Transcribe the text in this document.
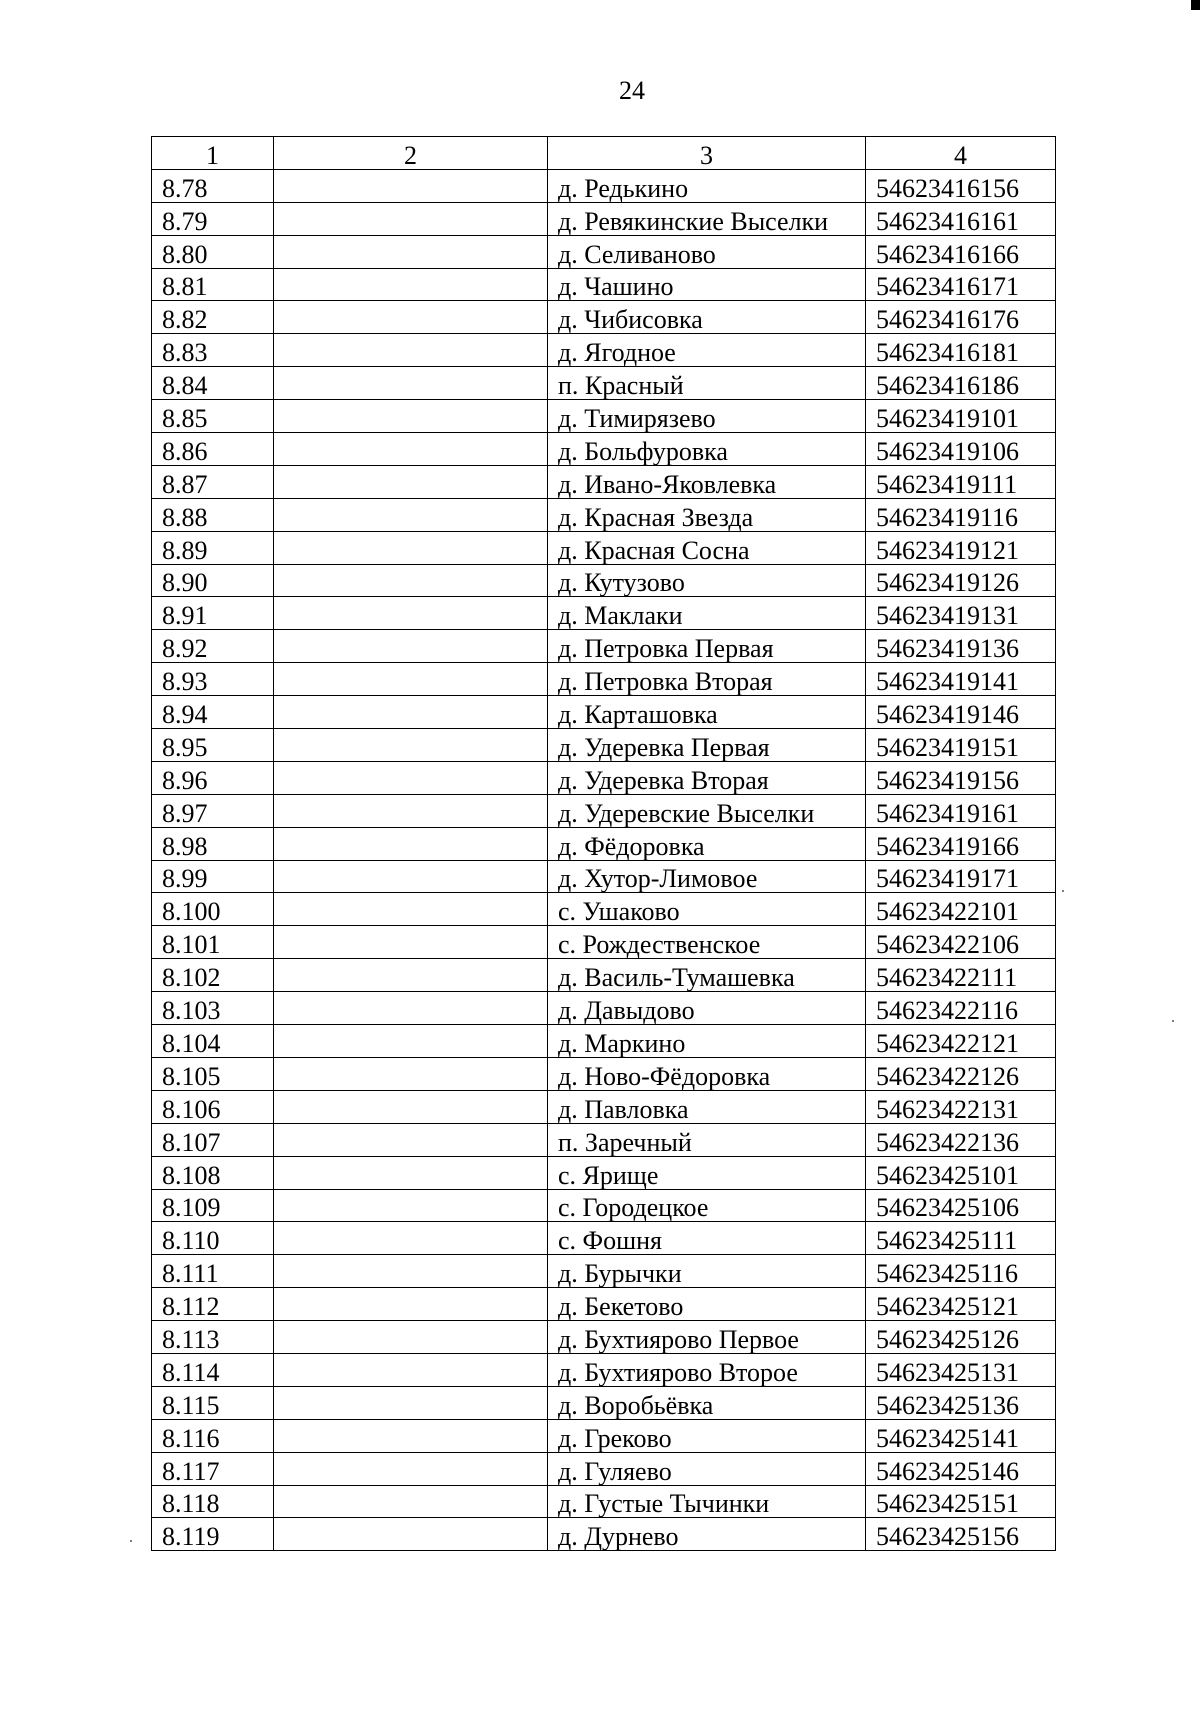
24
1	2	3	4
8.78		д. Редькино	54623416156
8.79		д. Ревякинские Выселки	54623416161
8.80		д. Селиваново	54623416166
8.81		д. Чашино	54623416171
8.82		д. Чибисовка	54623416176
8.83		д. Ягодное	54623416181
8.84		п. Красный	54623416186
8.85		д. Тимирязево	54623419101
8.86		д. Больфуровка	54623419106
8.87		д. Ивано-Яковлевка	54623419111
8.88		д. Красная Звезда	54623419116
8.89		д. Красная Сосна	54623419121
8.90		д. Кутузово	54623419126
8.91		д. Маклаки	54623419131
8.92		д. Петровка Первая	54623419136
8.93		д. Петровка Вторая	54623419141
8.94		д. Карташовка	54623419146
8.95		д. Удеревка Первая	54623419151
8.96		д. Удеревка Вторая	54623419156
8.97		д. Удеревские Выселки	54623419161
8.98		д. Фёдоровка	54623419166
8.99		д. Хутор-Лимовое	54623419171
8.100		с. Ушаково	54623422101
8.101		с. Рождественское	54623422106
8.102		д. Василь-Тумашевка	54623422111
8.103		д. Давыдово	54623422116
8.104		д. Маркино	54623422121
8.105		д. Ново-Фёдоровка	54623422126
8.106		д. Павловка	54623422131
8.107		п. Заречный	54623422136
8.108		с. Ярище	54623425101
8.109		с. Городецкое	54623425106
8.110		с. Фошня	54623425111
8.111		д. Бурычки	54623425116
8.112		д. Бекетово	54623425121
8.113		д. Бухтиярово Первое	54623425126
8.114		д. Бухтиярово Второе	54623425131
8.115		д. Воробьёвка	54623425136
8.116		д. Греково	54623425141
8.117		д. Гуляево	54623425146
8.118		д. Густые Тычинки	54623425151
8.119		д. Дурнево	54623425156
